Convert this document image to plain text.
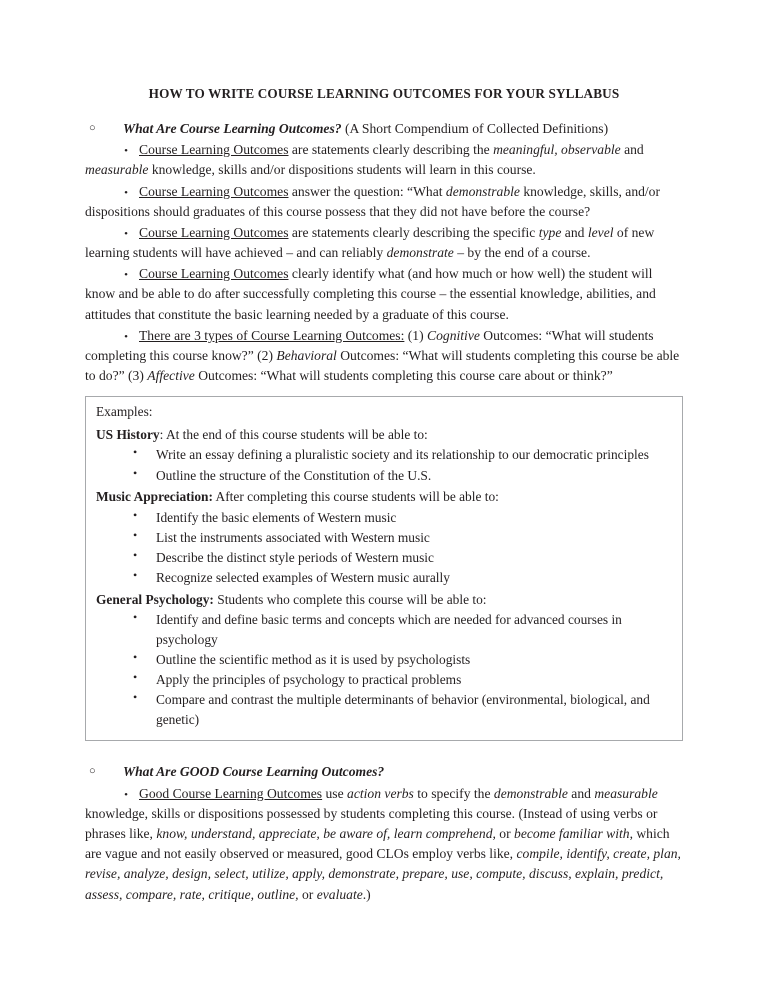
HOW TO WRITE COURSE LEARNING OUTCOMES FOR YOUR SYLLABUS
○ What Are Course Learning Outcomes? (A Short Compendium of Collected Definitions)
• Course Learning Outcomes are statements clearly describing the meaningful, observable and measurable knowledge, skills and/or dispositions students will learn in this course.
• Course Learning Outcomes answer the question: “What demonstrable knowledge, skills, and/or dispositions should graduates of this course possess that they did not have before the course?
• Course Learning Outcomes are statements clearly describing the specific type and level of new learning students will have achieved – and can reliably demonstrate – by the end of a course.
• Course Learning Outcomes clearly identify what (and how much or how well) the student will know and be able to do after successfully completing this course – the essential knowledge, abilities, and attitudes that constitute the basic learning needed by a graduate of this course.
• There are 3 types of Course Learning Outcomes: (1) Cognitive Outcomes: “What will students completing this course know?” (2) Behavioral Outcomes: “What will students completing this course be able to do?” (3) Affective Outcomes: “What will students completing this course care about or think?”
Examples:
US History: At the end of this course students will be able to:
• Write an essay defining a pluralistic society and its relationship to our democratic principles
• Outline the structure of the Constitution of the U.S.
Music Appreciation: After completing this course students will be able to:
• Identify the basic elements of Western music
• List the instruments associated with Western music
• Describe the distinct style periods of Western music
• Recognize selected examples of Western music aurally
General Psychology: Students who complete this course will be able to:
• Identify and define basic terms and concepts which are needed for advanced courses in psychology
• Outline the scientific method as it is used by psychologists
• Apply the principles of psychology to practical problems
• Compare and contrast the multiple determinants of behavior (environmental, biological, and genetic)
○ What Are GOOD Course Learning Outcomes?
• Good Course Learning Outcomes use action verbs to specify the demonstrable and measurable knowledge, skills or dispositions possessed by students completing this course. (Instead of using verbs or phrases like, know, understand, appreciate, be aware of, learn comprehend, or become familiar with, which are vague and not easily observed or measured, good CLOs employ verbs like, compile, identify, create, plan, revise, analyze, design, select, utilize, apply, demonstrate, prepare, use, compute, discuss, explain, predict, assess, compare, rate, critique, outline, or evaluate.)
